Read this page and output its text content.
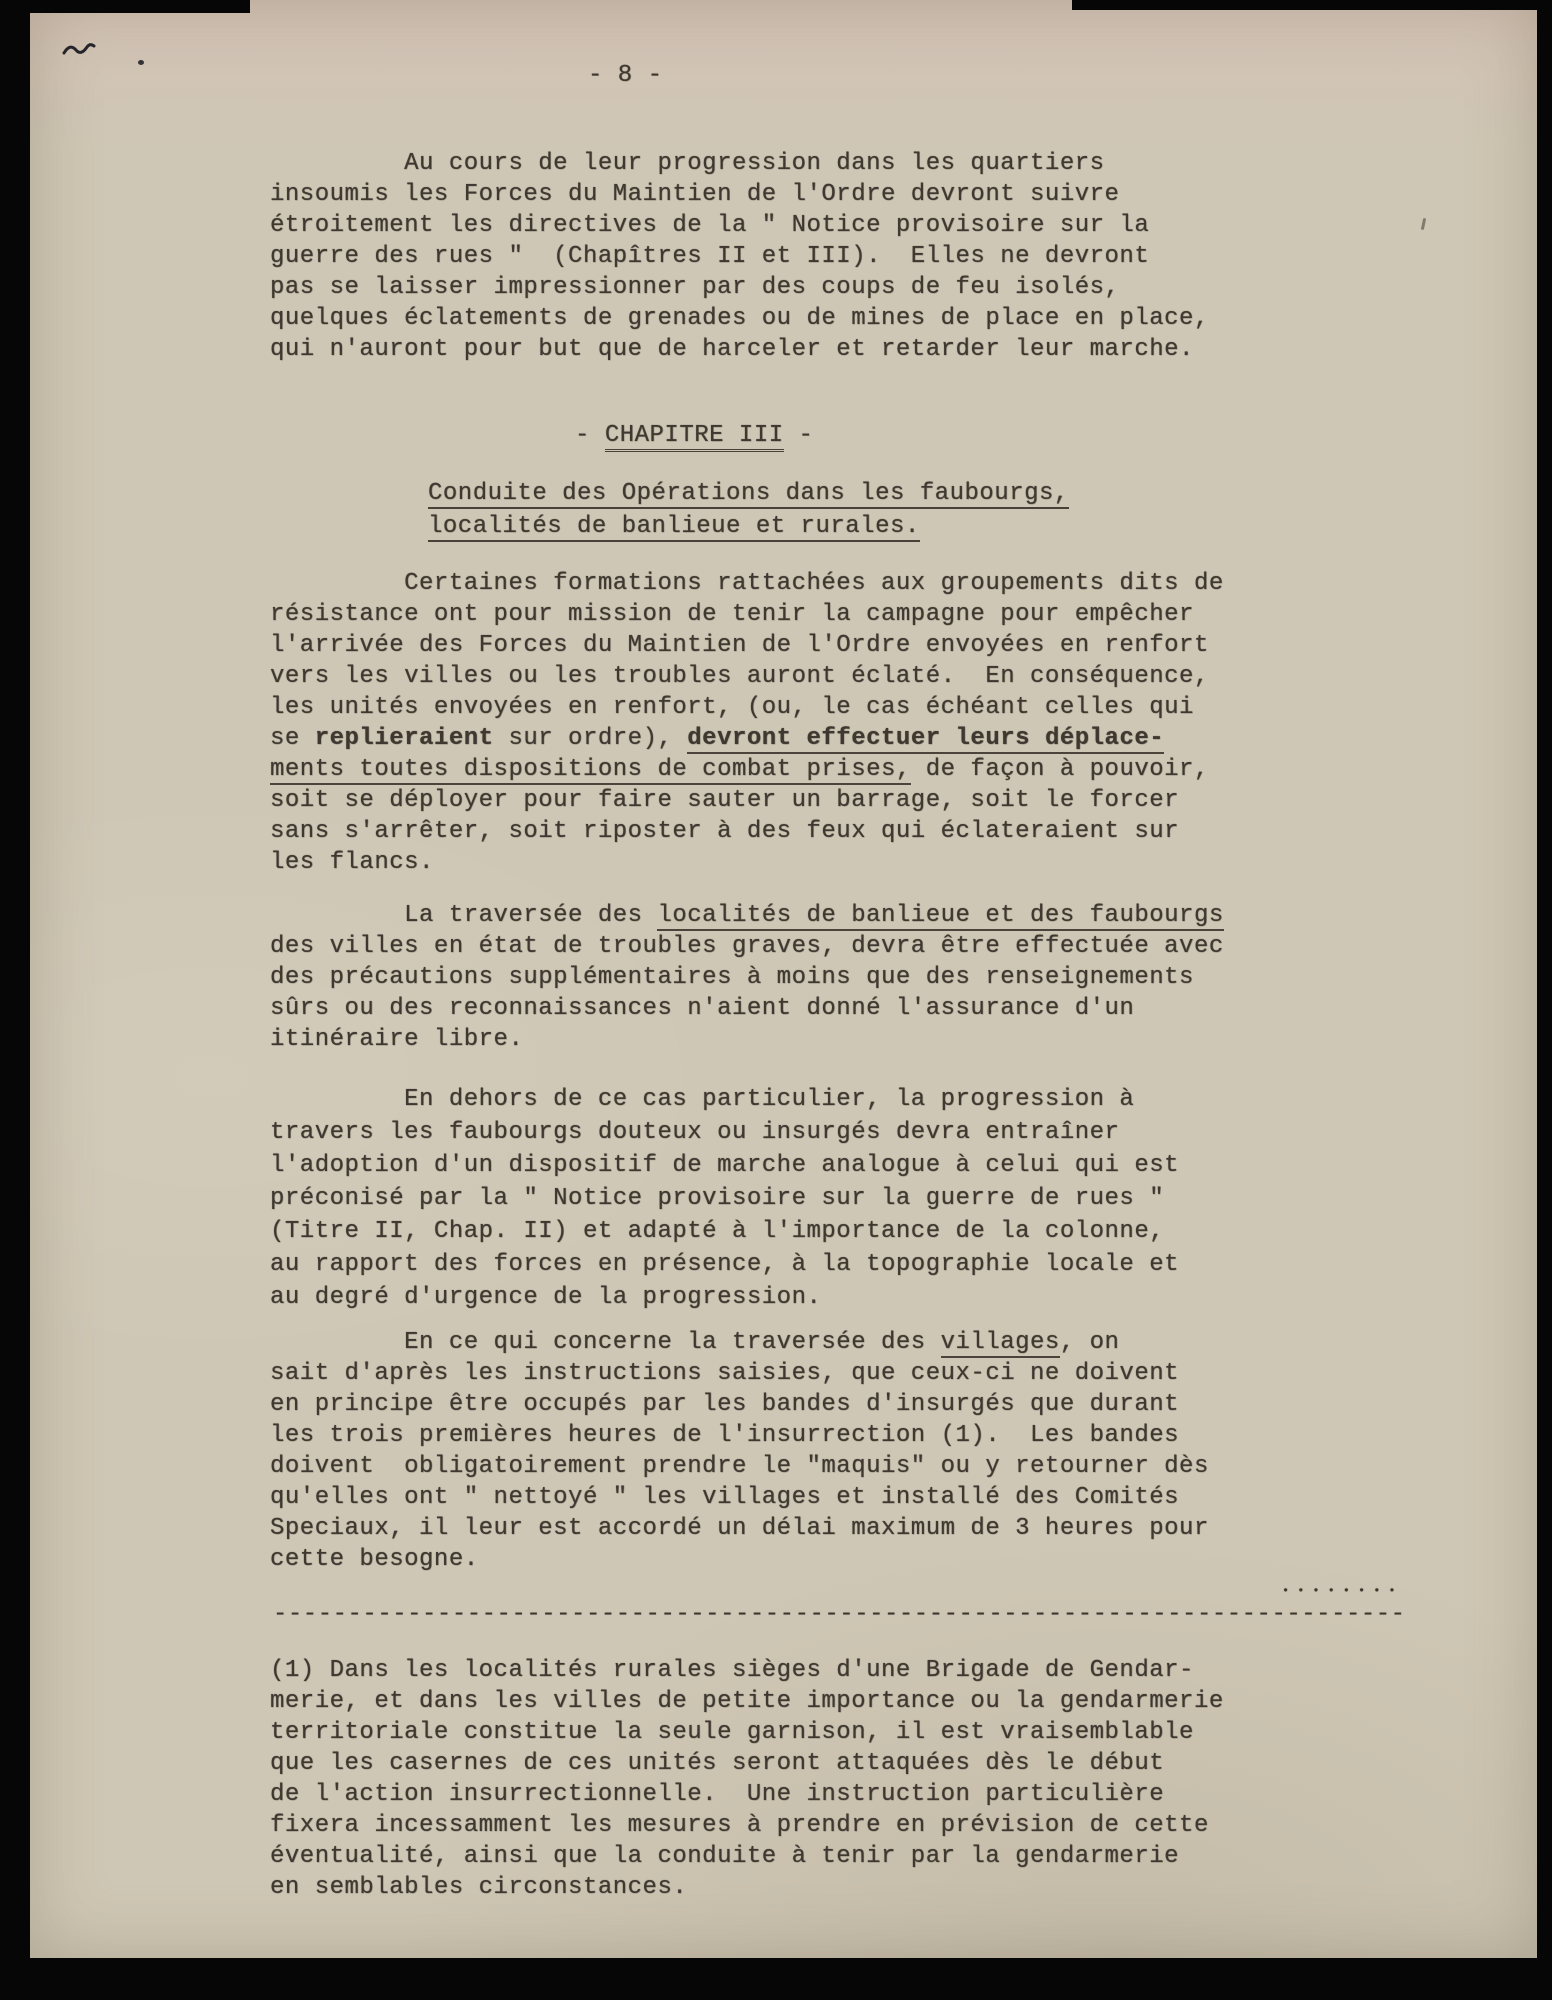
- 8 -
Au cours de leur progression dans les quartiers
insoumis les Forces du Maintien de l'Ordre devront suivre
étroitement les directives de la " Notice provisoire sur la
guerre des rues "  (Chapîtres II et III).  Elles ne devront
pas se laisser impressionner par des coups de feu isolés,
quelques éclatements de grenades ou de mines de place en place,
qui n'auront pour but que de harceler et retarder leur marche.
- CHAPITRE III -
Conduite des Opérations dans les faubourgs,
localités de banlieue et rurales.
Certaines formations rattachées aux groupements dits de
résistance ont pour mission de tenir la campagne pour empêcher
l'arrivée des Forces du Maintien de l'Ordre envoyées en renfort
vers les villes ou les troubles auront éclaté.  En conséquence,
les unités envoyées en renfort, (ou, le cas échéant celles qui
se replieraient sur ordre), devront effectuer leurs déplace-
ments toutes dispositions de combat prises, de façon à pouvoir,
soit se déployer pour faire sauter un barrage, soit le forcer
sans s'arrêter, soit riposter à des feux qui éclateraient sur
les flancs.
La traversée des localités de banlieue et des faubourgs
des villes en état de troubles graves, devra être effectuée avec
des précautions supplémentaires à moins que des renseignements
sûrs ou des reconnaissances n'aient donné l'assurance d'un
itinéraire libre.
En dehors de ce cas particulier, la progression à
travers les faubourgs douteux ou insurgés devra entraîner
l'adoption d'un dispositif de marche analogue à celui qui est
préconisé par la " Notice provisoire sur la guerre de rues "
(Titre II, Chap. II) et adapté à l'importance de la colonne,
au rapport des forces en présence, à la topographie locale et
au degré d'urgence de la progression.
En ce qui concerne la traversée des villages, on
sait d'après les instructions saisies, que ceux-ci ne doivent
en principe être occupés par les bandes d'insurgés que durant
les trois premières heures de l'insurrection (1).  Les bandes
doivent  obligatoirement prendre le "maquis" ou y retourner dès
qu'elles ont " nettoyé " les villages et installé des Comités
Speciaux, il leur est accordé un délai maximum de 3 heures pour
cette besogne.
••••••••
----------------------------------------------------------------------------
(1) Dans les localités rurales sièges d'une Brigade de Gendar-
merie, et dans les villes de petite importance ou la gendarmerie
territoriale constitue la seule garnison, il est vraisemblable
que les casernes de ces unités seront attaquées dès le début
de l'action insurrectionnelle.  Une instruction particulière
fixera incessamment les mesures à prendre en prévision de cette
éventualité, ainsi que la conduite à tenir par la gendarmerie
en semblables circonstances.
